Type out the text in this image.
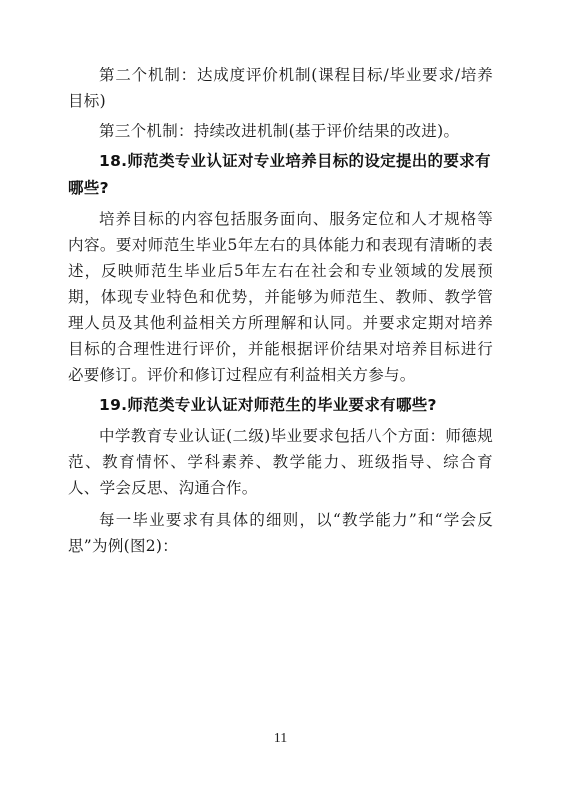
第二个机制：达成度评价机制(课程目标/毕业要求/培养目标)

第三个机制：持续改进机制(基于评价结果的改进)。

18.师范类专业认证对专业培养目标的设定提出的要求有哪些?

培养目标的内容包括服务面向、服务定位和人才规格等内容。要对师范生毕业5年左右的具体能力和表现有清晰的表述，反映师范生毕业后5年左右在社会和专业领域的发展预期，体现专业特色和优势，并能够为师范生、教师、教学管理人员及其他利益相关方所理解和认同。并要求定期对培养目标的合理性进行评价，并能根据评价结果对培养目标进行必要修订。评价和修订过程应有利益相关方参与。

19.师范类专业认证对师范生的毕业要求有哪些?

中学教育专业认证(二级)毕业要求包括八个方面：师德规范、教育情怀、学科素养、教学能力、班级指导、综合育人、学会反思、沟通合作。

每一毕业要求有具体的细则，以“教学能力”和“学会反思”为例(图2)：

11
